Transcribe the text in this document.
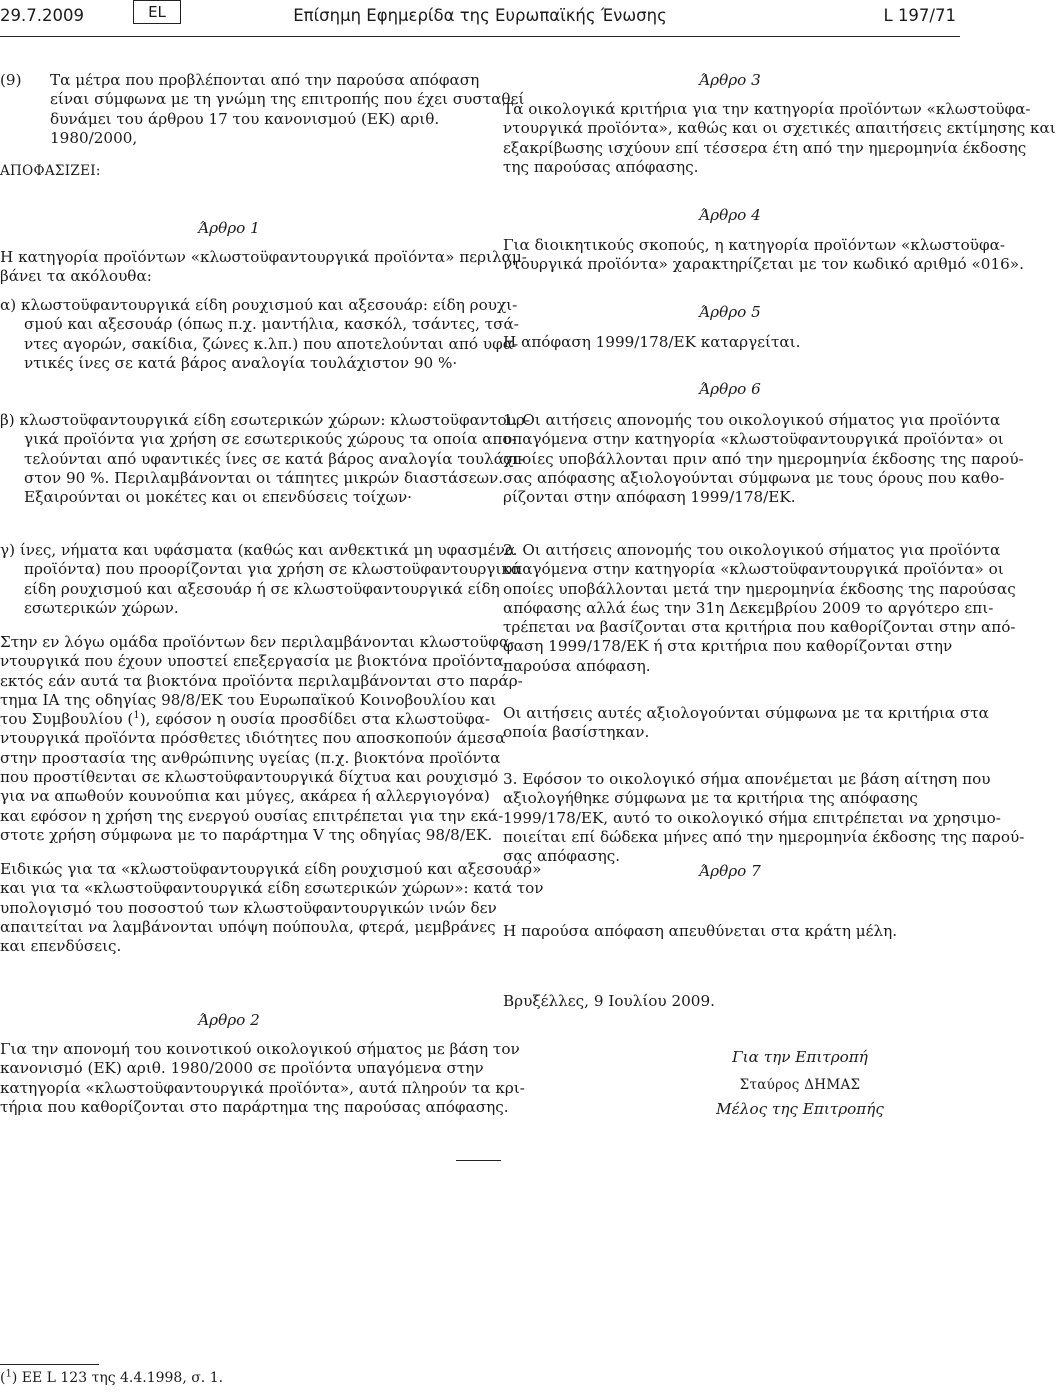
29.7.2009	EL	Επίσημη Εφημερίδα της Ευρωπαϊκής Ένωσης	L 197/71
(9) Τα μέτρα που προβλέπονται από την παρούσα απόφαση
είναι σύμφωνα με τη γνώμη της επιτροπής που έχει συσταθεί
δυνάμει του άρθρου 17 του κανονισμού (ΕΚ) αριθ.
1980/2000,
ΑΠΟΦΑΣΙΖΕΙ:
Άρθρο 1
Η κατηγορία προϊόντων «κλωστοϋφαντουργικά προϊόντα» περιλαμ-
βάνει τα ακόλουθα:
α) κλωστοϋφαντουργικά είδη ρουχισμού και αξεσουάρ: είδη ρουχι-
σμού και αξεσουάρ (όπως π.χ. μαντήλια, κασκόλ, τσάντες, τσά-
ντες αγορών, σακίδια, ζώνες κ.λπ.) που αποτελούνται από υφα-
ντικές ίνες σε κατά βάρος αναλογία τουλάχιστον 90 %·
β) κλωστοϋφαντουργικά είδη εσωτερικών χώρων: κλωστοϋφαντουρ-
γικά προϊόντα για χρήση σε εσωτερικούς χώρους τα οποία απο-
τελούνται από υφαντικές ίνες σε κατά βάρος αναλογία τουλάχι-
στον 90 %. Περιλαμβάνονται οι τάπητες μικρών διαστάσεων.
Εξαιρούνται οι μοκέτες και οι επενδύσεις τοίχων·
γ) ίνες, νήματα και υφάσματα (καθώς και ανθεκτικά μη υφασμένα
προϊόντα) που προορίζονται για χρήση σε κλωστοϋφαντουργικά
είδη ρουχισμού και αξεσουάρ ή σε κλωστοϋφαντουργικά είδη
εσωτερικών χώρων.
Στην εν λόγω ομάδα προϊόντων δεν περιλαμβάνονται κλωστοϋφα-
ντουργικά που έχουν υποστεί επεξεργασία με βιοκτόνα προϊόντα,
εκτός εάν αυτά τα βιοκτόνα προϊόντα περιλαμβάνονται στο παράρ-
τημα ΙΑ της οδηγίας 98/8/ΕΚ του Ευρωπαϊκού Κοινοβουλίου και
του Συμβουλίου ($^1$), εφόσον η ουσία προσδίδει στα κλωστοϋφα-
ντουργικά προϊόντα πρόσθετες ιδιότητες που αποσκοπούν άμεσα
στην προστασία της ανθρώπινης υγείας (π.χ. βιοκτόνα προϊόντα
που προστίθενται σε κλωστοϋφαντουργικά δίχτυα και ρουχισμό
για να απωθούν κουνούπια και μύγες, ακάρεα ή αλλεργιογόνα)
και εφόσον η χρήση της ενεργού ουσίας επιτρέπεται για την εκά-
στοτε χρήση σύμφωνα με το παράρτημα V της οδηγίας 98/8/ΕΚ.
Ειδικώς για τα «κλωστοϋφαντουργικά είδη ρουχισμού και αξεσουάρ»
και για τα «κλωστοϋφαντουργικά είδη εσωτερικών χώρων»: κατά τον
υπολογισμό του ποσοστού των κλωστοϋφαντουργικών ινών δεν
απαιτείται να λαμβάνονται υπόψη πούπουλα, φτερά, μεμβράνες
και επενδύσεις.
Άρθρο 2
Για την απονομή του κοινοτικού οικολογικού σήματος με βάση τον
κανονισμό (ΕΚ) αριθ. 1980/2000 σε προϊόντα υπαγόμενα στην
κατηγορία «κλωστοϋφαντουργικά προϊόντα», αυτά πληρούν τα κρι-
τήρια που καθορίζονται στο παράρτημα της παρούσας απόφασης.
Άρθρο 3
Τα οικολογικά κριτήρια για την κατηγορία προϊόντων «κλωστοϋφα-
ντουργικά προϊόντα», καθώς και οι σχετικές απαιτήσεις εκτίμησης και
εξακρίβωσης ισχύουν επί τέσσερα έτη από την ημερομηνία έκδοσης
της παρούσας απόφασης.
Άρθρο 4
Για διοικητικούς σκοπούς, η κατηγορία προϊόντων «κλωστοϋφα-
ντουργικά προϊόντα» χαρακτηρίζεται με τον κωδικό αριθμό «016».
Άρθρο 5
Η απόφαση 1999/178/ΕΚ καταργείται.
Άρθρο 6
1. Οι αιτήσεις απονομής του οικολογικού σήματος για προϊόντα
υπαγόμενα στην κατηγορία «κλωστοϋφαντουργικά προϊόντα» οι
οποίες υποβάλλονται πριν από την ημερομηνία έκδοσης της παρού-
σας απόφασης αξιολογούνται σύμφωνα με τους όρους που καθο-
ρίζονται στην απόφαση 1999/178/ΕΚ.
2. Οι αιτήσεις απονομής του οικολογικού σήματος για προϊόντα
υπαγόμενα στην κατηγορία «κλωστοϋφαντουργικά προϊόντα» οι
οποίες υποβάλλονται μετά την ημερομηνία έκδοσης της παρούσας
απόφασης αλλά έως την 31η Δεκεμβρίου 2009 το αργότερο επι-
τρέπεται να βασίζονται στα κριτήρια που καθορίζονται στην από-
φαση 1999/178/ΕΚ ή στα κριτήρια που καθορίζονται στην
παρούσα απόφαση.
Οι αιτήσεις αυτές αξιολογούνται σύμφωνα με τα κριτήρια στα
οποία βασίστηκαν.
3. Εφόσον το οικολογικό σήμα απονέμεται με βάση αίτηση που
αξιολογήθηκε σύμφωνα με τα κριτήρια της απόφασης
1999/178/ΕΚ, αυτό το οικολογικό σήμα επιτρέπεται να χρησιμο-
ποιείται επί δώδεκα μήνες από την ημερομηνία έκδοσης της παρού-
σας απόφασης.
Άρθρο 7
Η παρούσα απόφαση απευθύνεται στα κράτη μέλη.
Βρυξέλλες, 9 Ιουλίου 2009.
Για την Επιτροπή
Σταύρος ΔΗΜΑΣ
Μέλος της Επιτροπής
($^1$) ΕΕ L 123 της 4.4.1998, σ. 1.
